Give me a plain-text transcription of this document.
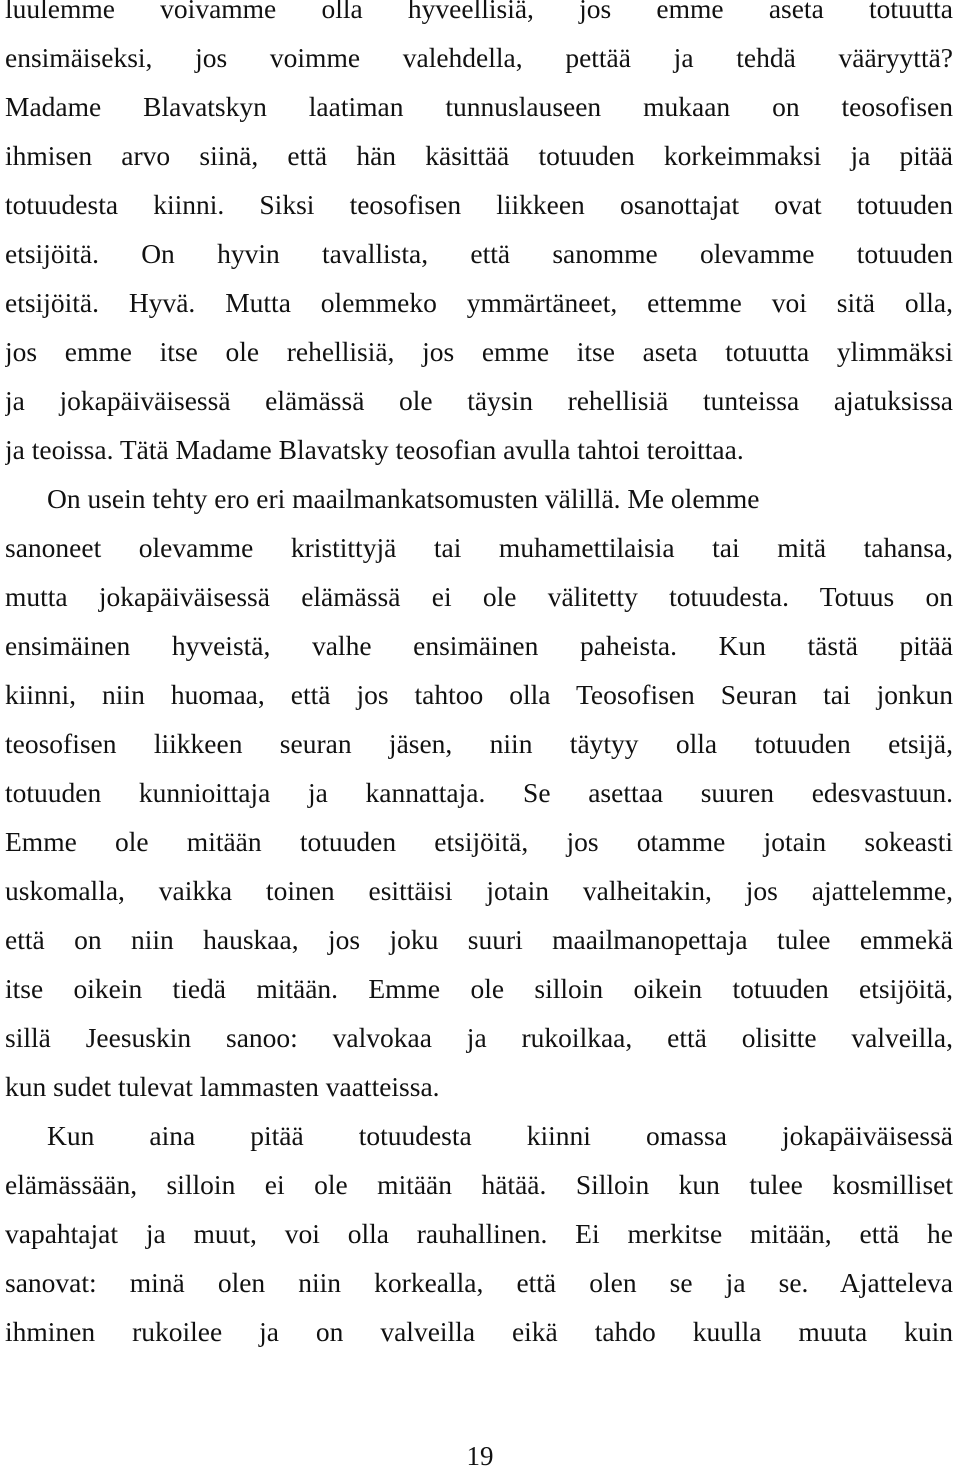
luulemme voivamme olla hyveellisiä, jos emme aseta totuutta
ensimäiseksi, jos voimme valehdella, pettää ja tehdä vääryyttä?
Madame Blavatskyn laatiman tunnuslauseen mukaan on teosofisen
ihmisen arvo siinä, että hän käsittää totuuden korkeimmaksi ja pitää
totuudesta kiinni. Siksi teosofisen liikkeen osanottajat ovat totuuden
etsijöitä. On hyvin tavallista, että sanomme olevamme totuuden
etsijöitä. Hyvä. Mutta olemmeko ymmärtäneet, ettemme voi sitä olla,
jos emme itse ole rehellisiä, jos emme itse aseta totuutta ylimmäksi
ja jokapäiväisessä elämässä ole täysin rehellisiä tunteissa ajatuksissa
ja teoissa. Tätä Madame Blavatsky teosofian avulla tahtoi teroittaa.
On usein tehty ero eri maailmankatsomusten välillä. Me olemme
sanoneet olevamme kristittyjä tai muhamettilaisia tai mitä tahansa,
mutta jokapäiväisessä elämässä ei ole välitetty totuudesta. Totuus on
ensimäinen hyveistä, valhe ensimäinen paheista. Kun tästä pitää
kiinni, niin huomaa, että jos tahtoo olla Teosofisen Seuran tai jonkun
teosofisen liikkeen seuran jäsen, niin täytyy olla totuuden etsijä,
totuuden kunnioittaja ja kannattaja. Se asettaa suuren edesvastuun.
Emme ole mitään totuuden etsijöitä, jos otamme jotain sokeasti
uskomalla, vaikka toinen esittäisi jotain valheitakin, jos ajattelemme,
että on niin hauskaa, jos joku suuri maailmanopettaja tulee emmekä
itse oikein tiedä mitään. Emme ole silloin oikein totuuden etsijöitä,
sillä Jeesuskin sanoo: valvokaa ja rukoilkaa, että olisitte valveilla,
kun sudet tulevat lammasten vaatteissa.
Kun aina pitää totuudesta kiinni omassa jokapäiväisessä
elämässään, silloin ei ole mitään hätää. Silloin kun tulee kosmilliset
vapahtajat ja muut, voi olla rauhallinen. Ei merkitse mitään, että he
sanovat: minä olen niin korkealla, että olen se ja se. Ajatteleva
ihminen rukoilee ja on valveilla eikä tahdo kuulla muuta kuin
19
